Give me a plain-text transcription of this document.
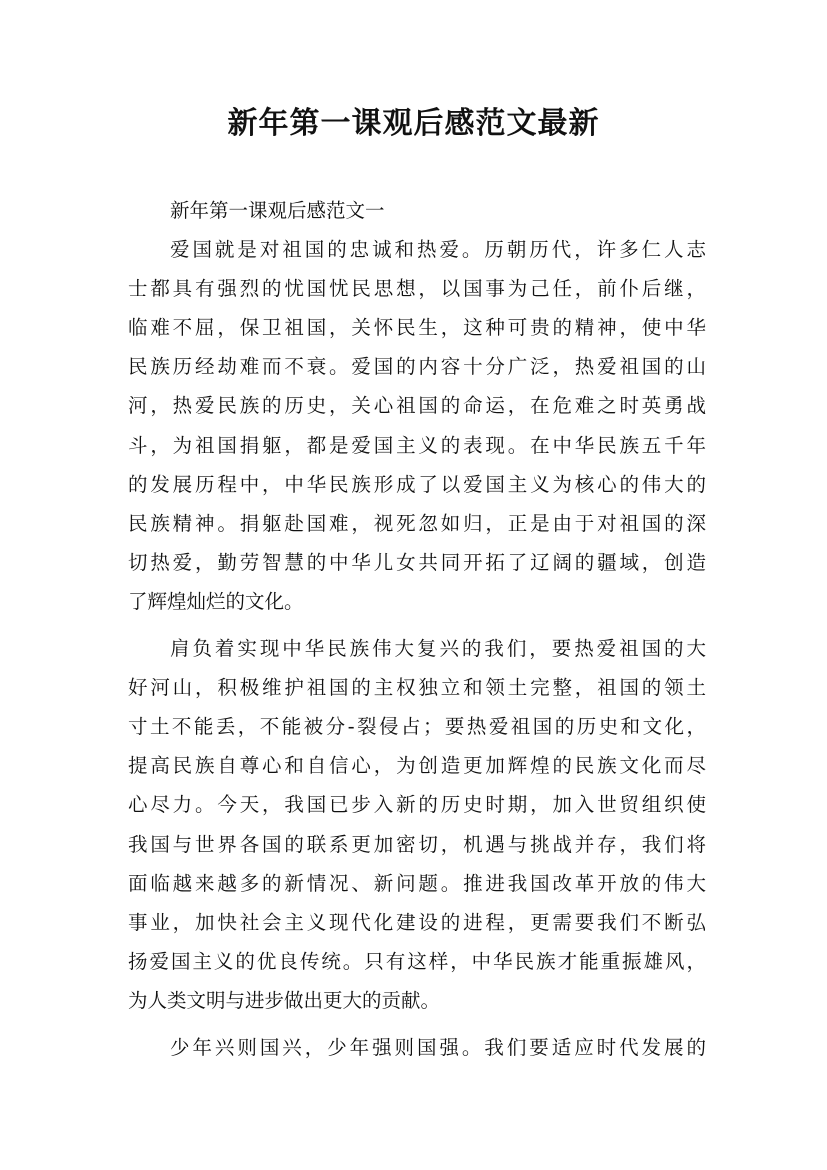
新年第一课观后感范文最新
新年第一课观后感范文一
爱国就是对祖国的忠诚和热爱。历朝历代，许多仁人志
士都具有强烈的忧国忧民思想，以国事为己任，前仆后继，
临难不屈，保卫祖国，关怀民生，这种可贵的精神，使中华
民族历经劫难而不衰。爱国的内容十分广泛，热爱祖国的山
河，热爱民族的历史，关心祖国的命运，在危难之时英勇战
斗，为祖国捐躯，都是爱国主义的表现。在中华民族五千年
的发展历程中，中华民族形成了以爱国主义为核心的伟大的
民族精神。捐躯赴国难，视死忽如归，正是由于对祖国的深
切热爱，勤劳智慧的中华儿女共同开拓了辽阔的疆域，创造
了辉煌灿烂的文化。
肩负着实现中华民族伟大复兴的我们，要热爱祖国的大
好河山，积极维护祖国的主权独立和领土完整，祖国的领土
寸土不能丢，不能被分-裂侵占；要热爱祖国的历史和文化，
提高民族自尊心和自信心，为创造更加辉煌的民族文化而尽
心尽力。今天，我国已步入新的历史时期，加入世贸组织使
我国与世界各国的联系更加密切，机遇与挑战并存，我们将
面临越来越多的新情况、新问题。推进我国改革开放的伟大
事业，加快社会主义现代化建设的进程，更需要我们不断弘
扬爱国主义的优良传统。只有这样，中华民族才能重振雄风，
为人类文明与进步做出更大的贡献。
少年兴则国兴，少年强则国强。我们要适应时代发展的
